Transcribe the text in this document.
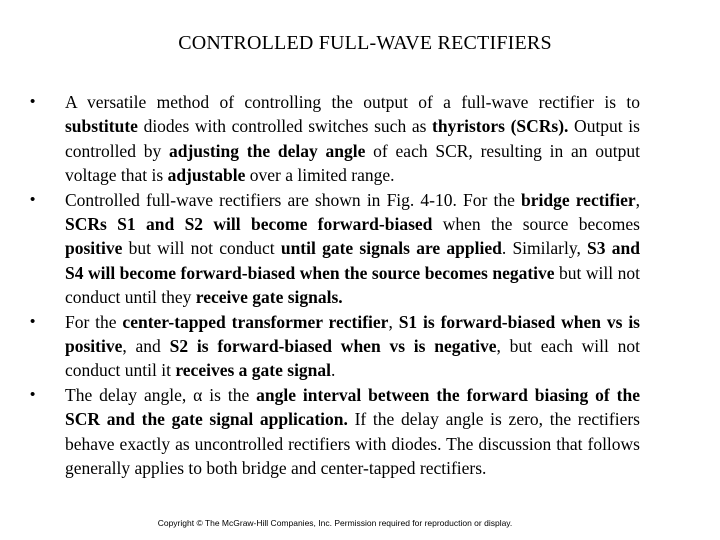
CONTROLLED FULL-WAVE RECTIFIERS
• A versatile method of controlling the output of a full-wave rectifier is to substitute diodes with controlled switches such as thyristors (SCRs). Output is controlled by adjusting the delay angle of each SCR, resulting in an output voltage that is adjustable over a limited range.
• Controlled full-wave rectifiers are shown in Fig. 4-10. For the bridge rectifier, SCRs S1 and S2 will become forward-biased when the source becomes positive but will not conduct until gate signals are applied. Similarly, S3 and S4 will become forward-biased when the source becomes negative but will not conduct until they receive gate signals.
• For the center-tapped transformer rectifier, S1 is forward-biased when vs is positive, and S2 is forward-biased when vs is negative, but each will not conduct until it receives a gate signal.
• The delay angle, α is the angle interval between the forward biasing of the SCR and the gate signal application. If the delay angle is zero, the rectifiers behave exactly as uncontrolled rectifiers with diodes. The discussion that follows generally applies to both bridge and center-tapped rectifiers.
Copyright © The McGraw-Hill Companies, Inc. Permission required for reproduction or display.
